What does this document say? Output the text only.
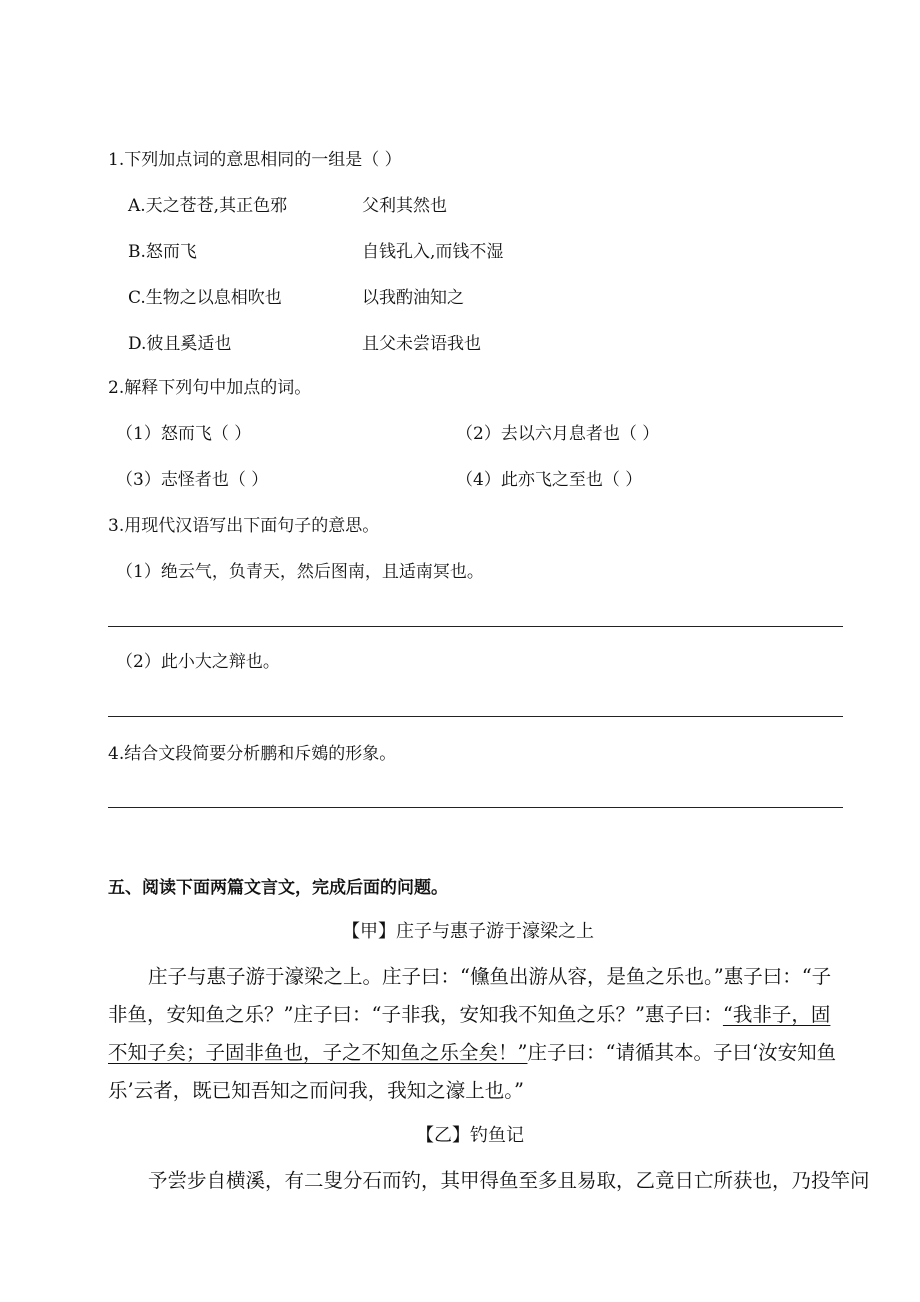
1.下列加点词的意思相同的一组是（ ）
A.天之苍苍,其正色邪	父利其然也
B.怒而飞	自钱孔入,而钱不湿
C.生物之以息相吹也	以我酌油知之
D.彼且奚适也	且父未尝语我也
2.解释下列句中加点的词。
（1）怒而飞（ ）	（2）去以六月息者也（ ）
（3）志怪者也（ ）	（4）此亦飞之至也（ ）
3.用现代汉语写出下面句子的意思。
（1）绝云气，负青天，然后图南，且适南冥也。
（2）此小大之辩也。
4.结合文段简要分析鹏和斥鴳的形象。
五、阅读下面两篇文言文，完成后面的问题。
【甲】庄子与惠子游于濠梁之上
庄子与惠子游于濠梁之上。庄子曰：“儵鱼出游从容，是鱼之乐也。”惠子曰：“子
非鱼，安知鱼之乐？”庄子曰：“子非我，安知我不知鱼之乐？”惠子曰：“我非子，固
不知子矣；子固非鱼也，子之不知鱼之乐全矣！”庄子曰：“请循其本。子曰‘汝安知鱼
乐’云者，既已知吾知之而问我，我知之濠上也。”
【乙】钓鱼记
予尝步自横溪，有二叟分石而钓，其甲得鱼至多且易取，乙竟日亡所获也，乃投竿问
